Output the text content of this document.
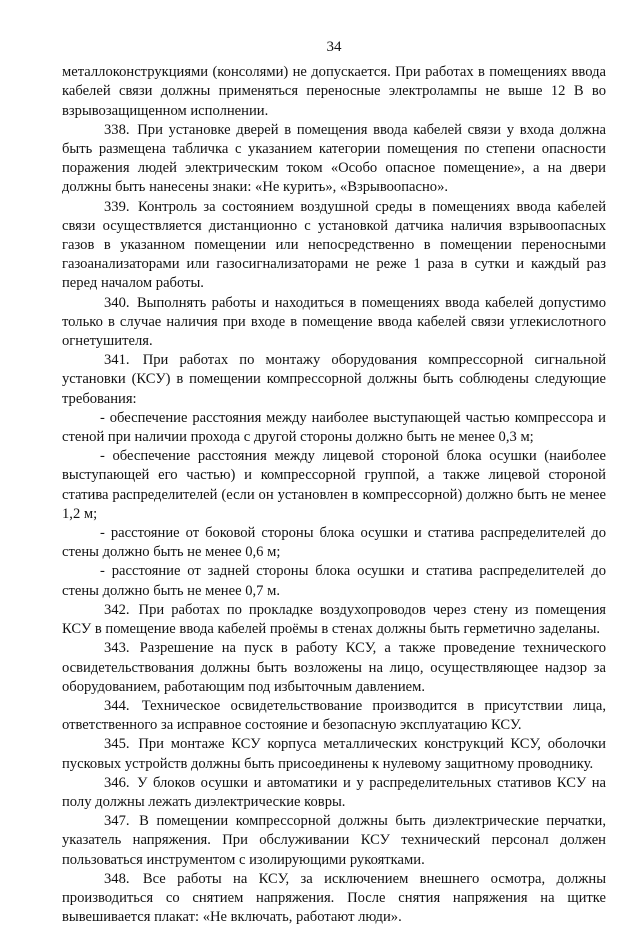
34

металлоконструкциями (консолями) не допускается. При работах в помещениях ввода кабелей связи должны применяться переносные электролампы не выше 12 В во взрывозащищенном исполнении.

338. При установке дверей в помещения ввода кабелей связи у входа должна быть размещена табличка с указанием категории помещения по степени опасности поражения людей электрическим током «Особо опасное помещение», а на двери должны быть нанесены знаки: «Не курить», «Взрывоопасно».

339. Контроль за состоянием воздушной среды в помещениях ввода кабелей связи осуществляется дистанционно с установкой датчика наличия взрывоопасных газов в указанном помещении или непосредственно в помещении переносными газоанализаторами или газосигнализаторами не реже 1 раза в сутки и каждый раз перед началом работы.

340. Выполнять работы и находиться в помещениях ввода кабелей допустимо только в случае наличия при входе в помещение ввода кабелей связи углекислотного огнетушителя.

341. При работах по монтажу оборудования компрессорной сигнальной установки (КСУ) в помещении компрессорной должны быть соблюдены следующие требования:

- обеспечение расстояния между наиболее выступающей частью компрессора и стеной при наличии прохода с другой стороны должно быть не менее 0,3 м;

- обеспечение расстояния между лицевой стороной блока осушки (наиболее выступающей его частью) и компрессорной группой, а также лицевой стороной статива распределителей (если он установлен в компрессорной) должно быть не менее 1,2 м;

- расстояние от боковой стороны блока осушки и статива распределителей до стены должно быть не менее 0,6 м;

- расстояние от задней стороны блока осушки и статива распределителей до стены должно быть не менее 0,7 м.

342. При работах по прокладке воздухопроводов через стену из помещения КСУ в помещение ввода кабелей проёмы в стенах должны быть герметично заделаны.

343. Разрешение на пуск в работу КСУ, а также проведение технического освидетельствования должны быть возложены на лицо, осуществляющее надзор за оборудованием, работающим под избыточным давлением.

344. Техническое освидетельствование производится в присутствии лица, ответственного за исправное состояние и безопасную эксплуатацию КСУ.

345. При монтаже КСУ корпуса металлических конструкций КСУ, оболочки пусковых устройств должны быть присоединены к нулевому защитному проводнику.

346. У блоков осушки и автоматики и у распределительных стативов КСУ на полу должны лежать диэлектрические ковры.

347. В помещении компрессорной должны быть диэлектрические перчатки, указатель напряжения. При обслуживании КСУ технический персонал должен пользоваться инструментом с изолирующими рукоятками.

348. Все работы на КСУ, за исключением внешнего осмотра, должны производиться со снятием напряжения. После снятия напряжения на щитке вывешивается плакат: «Не включать, работают люди».
